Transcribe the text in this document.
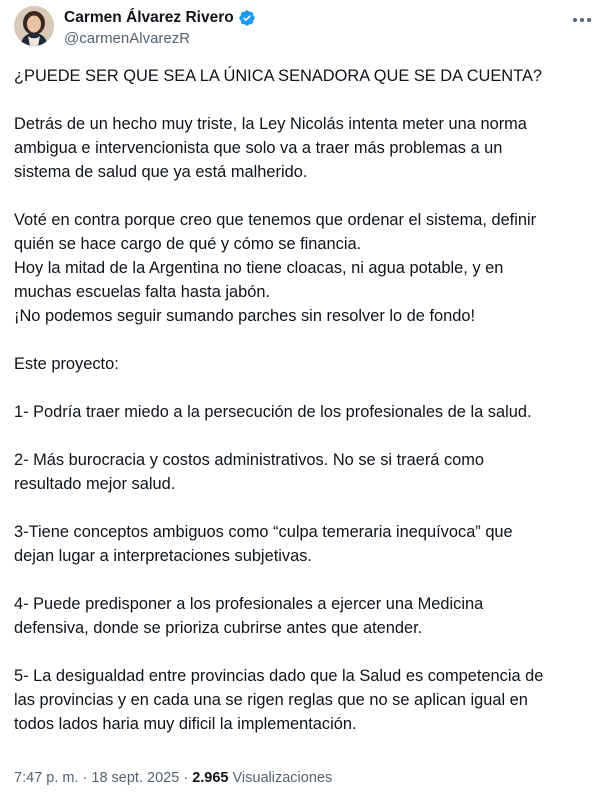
Carmen Álvarez Rivero
@carmenAlvarezR
¿PUEDE SER QUE SEA LA ÚNICA SENADORA QUE SE DA CUENTA?
Detrás de un hecho muy triste, la Ley Nicolás intenta meter una norma
ambigua e intervencionista que solo va a traer más problemas a un
sistema de salud que ya está malherido.
Voté en contra porque creo que tenemos que ordenar el sistema, definir
quién se hace cargo de qué y cómo se financia.
Hoy la mitad de la Argentina no tiene cloacas, ni agua potable, y en
muchas escuelas falta hasta jabón.
¡No podemos seguir sumando parches sin resolver lo de fondo!
Este proyecto:
1- Podría traer miedo a la persecución de los profesionales de la salud.
2- Más burocracia y costos administrativos. No se si traerá como
resultado mejor salud.
3-Tiene conceptos ambiguos como “culpa temeraria inequívoca” que
dejan lugar a interpretaciones subjetivas.
4- Puede predisponer a los profesionales a ejercer una Medicina
defensiva, donde se prioriza cubrirse antes que atender.
5- La desigualdad entre provincias dado que la Salud es competencia de
las provincias y en cada una se rigen reglas que no se aplican igual en
todos lados haria muy dificil la implementación.
7:47 p. m. · 18 sept. 2025 · 2.965 Visualizaciones
